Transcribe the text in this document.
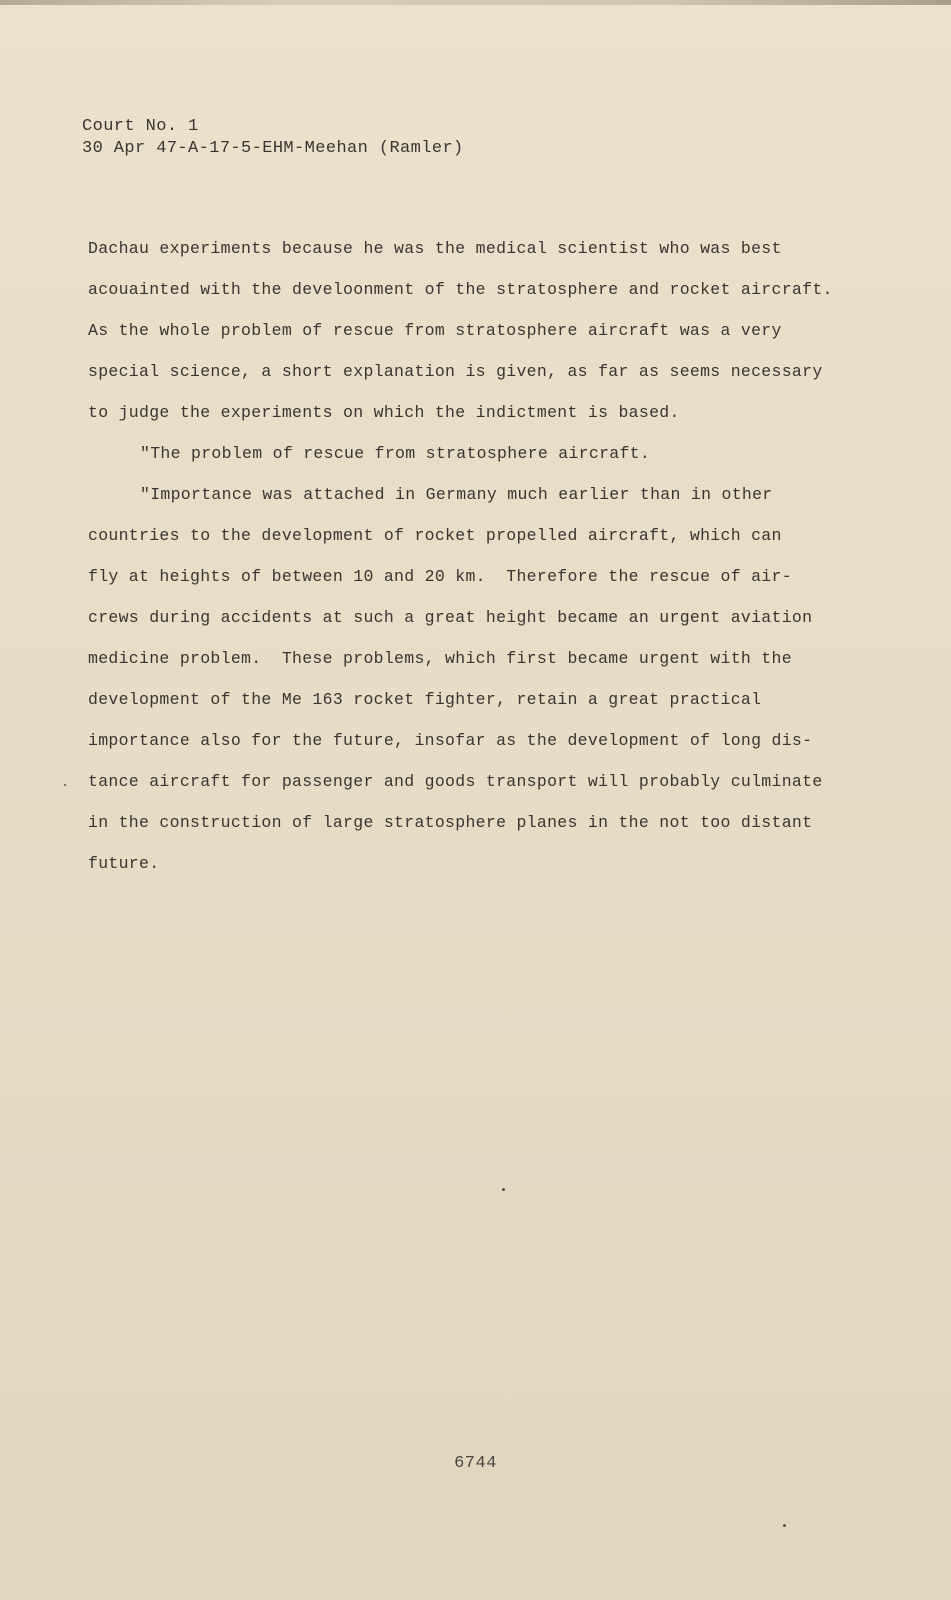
Court No. 1
30 Apr 47-A-17-5-EHM-Meehan (Ramler)
Dachau experiments because he was the medical scientist who was best
acouainted with the develoonment of the stratosphere and rocket aircraft.
As the whole problem of rescue from stratosphere aircraft was a very
special science, a short explanation is given, as far as seems necessary
to judge the experiments on which the indictment is based.
"The problem of rescue from stratosphere aircraft.
"Importance was attached in Germany much earlier than in other
countries to the development of rocket propelled aircraft, which can
fly at heights of between 10 and 20 km.  Therefore the rescue of air-
crews during accidents at such a great height became an urgent aviation
medicine problem.  These problems, which first became urgent with the
development of the Me 163 rocket fighter, retain a great practical
importance also for the future, insofar as the development of long dis-
tance aircraft for passenger and goods transport will probably culminate
in the construction of large stratosphere planes in the not too distant
future.
6744
